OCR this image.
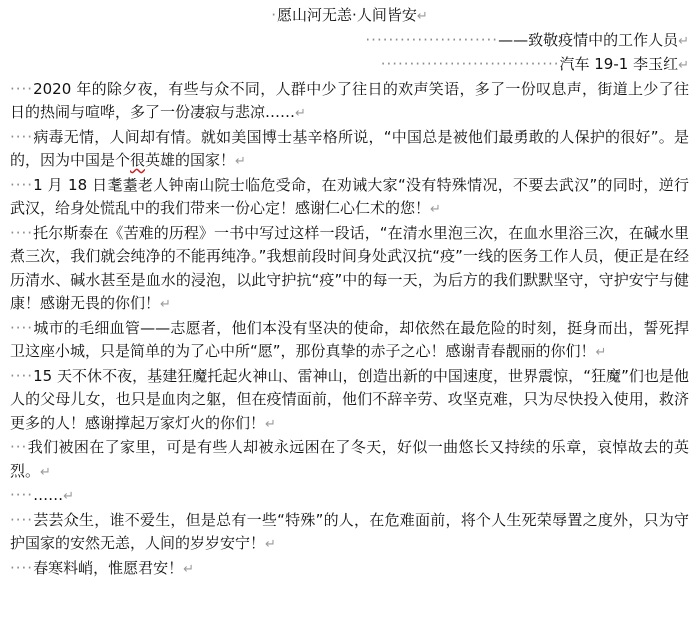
·愿山河无恙·人间皆安↵
·······················——致敬疫情中的工作人员↵
·······························汽车 19-1 李玉红↵

····2020 年的除夕夜，有些与众不同，人群中少了往日的欢声笑语，多了一份叹息声，街道上少了往日的热闹与喧哗，多了一份凄寂与悲凉……↵

····病毒无情，人间却有情。就如美国博士基辛格所说，“中国总是被他们最勇敢的人保护的很好”。是的，因为中国是个很英雄的国家！↵

····1 月 18 日耄耋老人钟南山院士临危受命，在劝诫大家“没有特殊情况，不要去武汉”的同时，逆行武汉，给身处慌乱中的我们带来一份心定！感谢仁心仁术的您！↵

····托尔斯泰在《苦难的历程》一书中写过这样一段话，“在清水里泡三次，在血水里浴三次，在碱水里煮三次，我们就会纯净的不能再纯净。”我想前段时间身处武汉抗“疫”一线的医务工作人员，便正是在经历清水、碱水甚至是血水的浸泡，以此守护抗“疫”中的每一天，为后方的我们默默坚守，守护安宁与健康！感谢无畏的你们！↵

····城市的毛细血管——志愿者，他们本没有坚决的使命，却依然在最危险的时刻，挺身而出，誓死捍卫这座小城，只是简单的为了心中所“愿”，那份真挚的赤子之心！感谢青春靓丽的你们！↵

····15 天不休不夜，基建狂魔托起火神山、雷神山，创造出新的中国速度，世界震惊，“狂魔”们也是他人的父母儿女，也只是血肉之躯，但在疫情面前，他们不辞辛劳、攻坚克难，只为尽快投入使用，救济更多的人！感谢撑起万家灯火的你们！↵

···我们被困在了家里，可是有些人却被永远困在了冬天，好似一曲悠长又持续的乐章，哀悼故去的英烈。↵

····……↵

····芸芸众生，谁不爱生，但是总有一些“特殊”的人，在危难面前，将个人生死荣辱置之度外，只为守护国家的安然无恙，人间的岁岁安宁！↵

····春寒料峭，惟愿君安！↵
